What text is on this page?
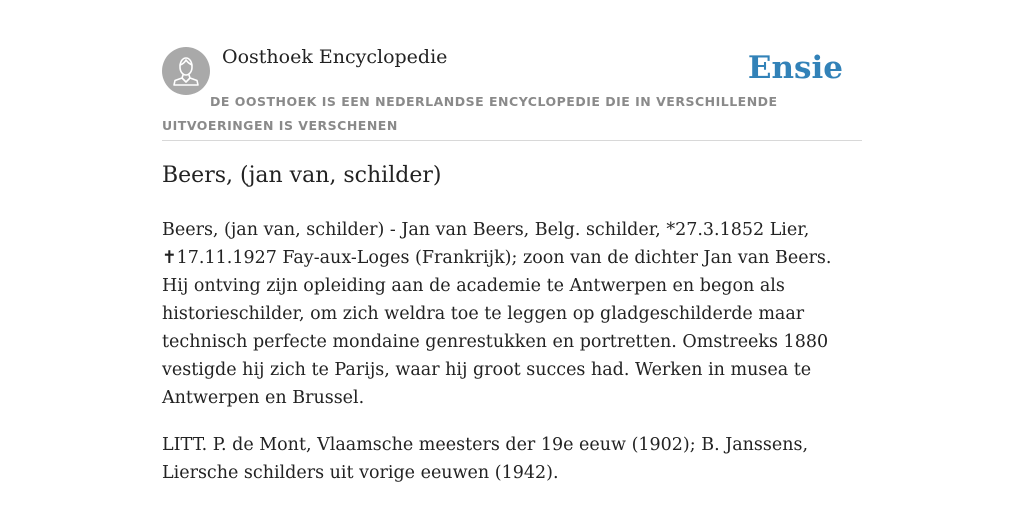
Oosthoek Encyclopedie	Ensie
DE OOSTHOEK IS EEN NEDERLANDSE ENCYCLOPEDIE DIE IN VERSCHILLENDE UITVOERINGEN IS VERSCHENEN
Beers, (jan van, schilder)

Beers, (jan van, schilder) - Jan van Beers, Belg. schilder, *27.3.1852 Lier, ✝17.11.1927 Fay-aux-Loges (Frankrijk); zoon van de dichter Jan van Beers. Hij ontving zijn opleiding aan de academie te Antwerpen en begon als historieschilder, om zich weldra toe te leggen op gladgeschilderde maar technisch perfecte mondaine genrestukken en portretten. Omstreeks 1880 vestigde hij zich te Parijs, waar hij groot succes had. Werken in musea te Antwerpen en Brussel.

LITT. P. de Mont, Vlaamsche meesters der 19e eeuw (1902); B. Janssens, Liersche schilders uit vorige eeuwen (1942).
